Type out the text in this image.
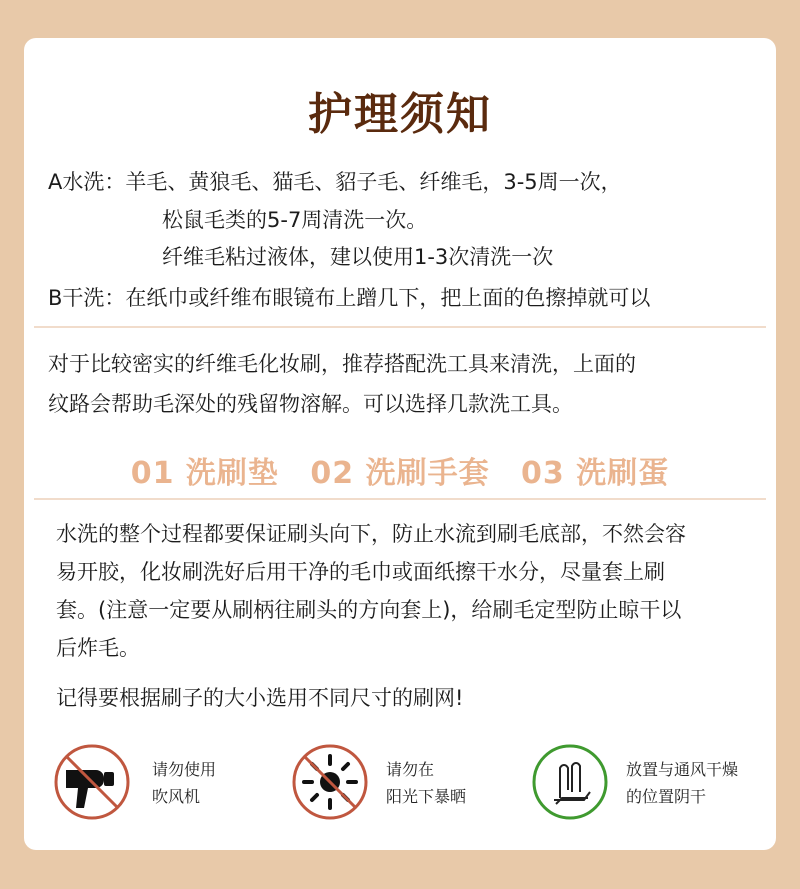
护理须知
A水洗：羊毛、黄狼毛、猫毛、貂子毛、纤维毛，3-5周一次，
松鼠毛类的5-7周清洗一次。
纤维毛粘过液体，建以使用1-3次清洗一次
B干洗：在纸巾或纤维布眼镜布上蹭几下，把上面的色擦掉就可以
对于比较密实的纤维毛化妆刷，推荐搭配洗工具来清洗，上面的
纹路会帮助毛深处的残留物溶解。可以选择几款洗工具。
01 洗刷垫 02 洗刷手套 03 洗刷蛋
水洗的整个过程都要保证刷头向下，防止水流到刷毛底部，不然会容
易开胶，化妆刷洗好后用干净的毛巾或面纸擦干水分，尽量套上刷
套。(注意一定要从刷柄往刷头的方向套上)，给刷毛定型防止晾干以
后炸毛。
记得要根据刷子的大小选用不同尺寸的刷网!
请勿使用
吹风机
请勿在
阳光下暴晒
放置与通风干燥
的位置阴干
